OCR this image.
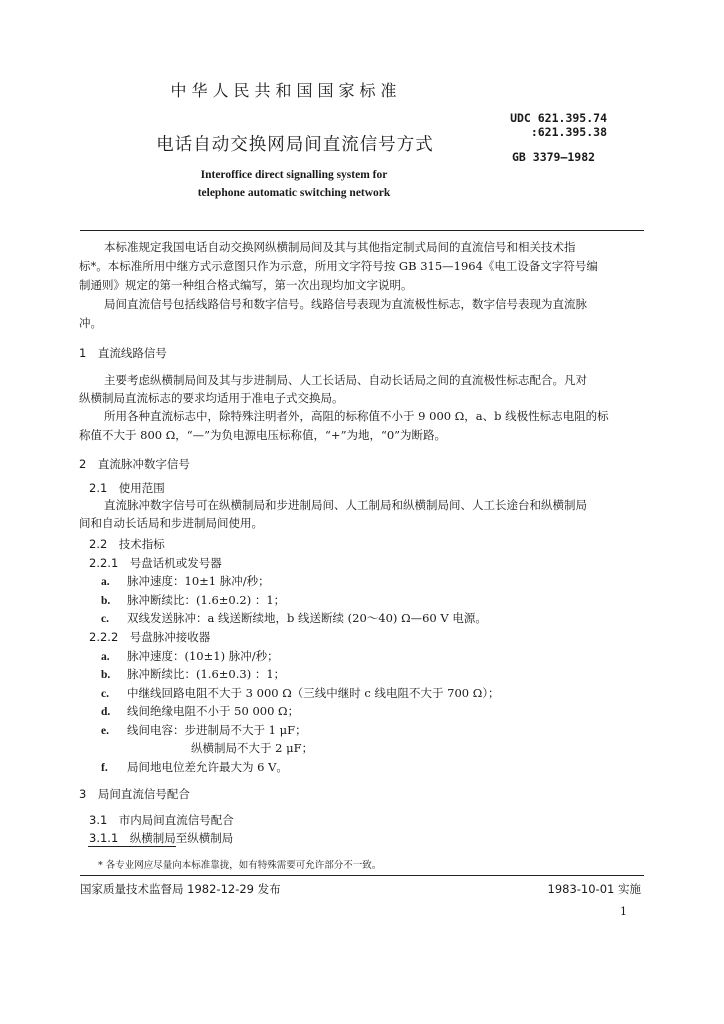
中华人民共和国国家标准
UDC 621.395.74
:621.395.38
电话自动交换网局间直流信号方式
GB 3379—1982
Interoffice direct signalling system for
telephone automatic switching network
本标准规定我国电话自动交换网纵横制局间及其与其他指定制式局间的直流信号和相关技术指
标*。本标准所用中继方式示意图只作为示意，所用文字符号按 GB 315—1964《电工设备文字符号编
制通则》规定的第一种组合格式编写，第一次出现均加文字说明。
局间直流信号包括线路信号和数字信号。线路信号表现为直流极性标志，数字信号表现为直流脉
冲。
1　直流线路信号
主要考虑纵横制局间及其与步进制局、人工长话局、自动长话局之间的直流极性标志配合。凡对
纵横制局直流标志的要求均适用于准电子式交换局。
所用各种直流标志中，除特殊注明者外，高阻的标称值不小于 9 000 Ω，a、b 线极性标志电阻的标
称值不大于 800 Ω，“—”为负电源电压标称值，“+”为地，“0”为断路。
2　直流脉冲数字信号
2.1　使用范围
直流脉冲数字信号可在纵横制局和步进制局间、人工制局和纵横制局间、人工长途台和纵横制局
间和自动长话局和步进制局间使用。
2.2　技术指标
2.2.1　号盘话机或发号器
a. 脉冲速度：10±1 脉冲/秒；
b. 脉冲断续比：(1.6±0.2) ：1；
c. 双线发送脉冲：a 线送断续地，b 线送断续 (20～40) Ω—60 V 电源。
2.2.2　号盘脉冲接收器
a. 脉冲速度：(10±1) 脉冲/秒；
b. 脉冲断续比：(1.6±0.3) ：1；
c. 中继线回路电阻不大于 3 000 Ω（三线中继时 c 线电阻不大于 700 Ω）；
d. 线间绝缘电阻不小于 50 000 Ω；
e. 线间电容：步进制局不大于 1 μF；
纵横制局不大于 2 μF；
f. 局间地电位差允许最大为 6 V。
3　局间直流信号配合
3.1　市内局间直流信号配合
3.1.1　纵横制局至纵横制局
* 各专业网应尽量向本标准靠拢，如有特殊需要可允许部分不一致。
国家质量技术监督局 1982-12-29 发布	1983-10-01 实施
1
